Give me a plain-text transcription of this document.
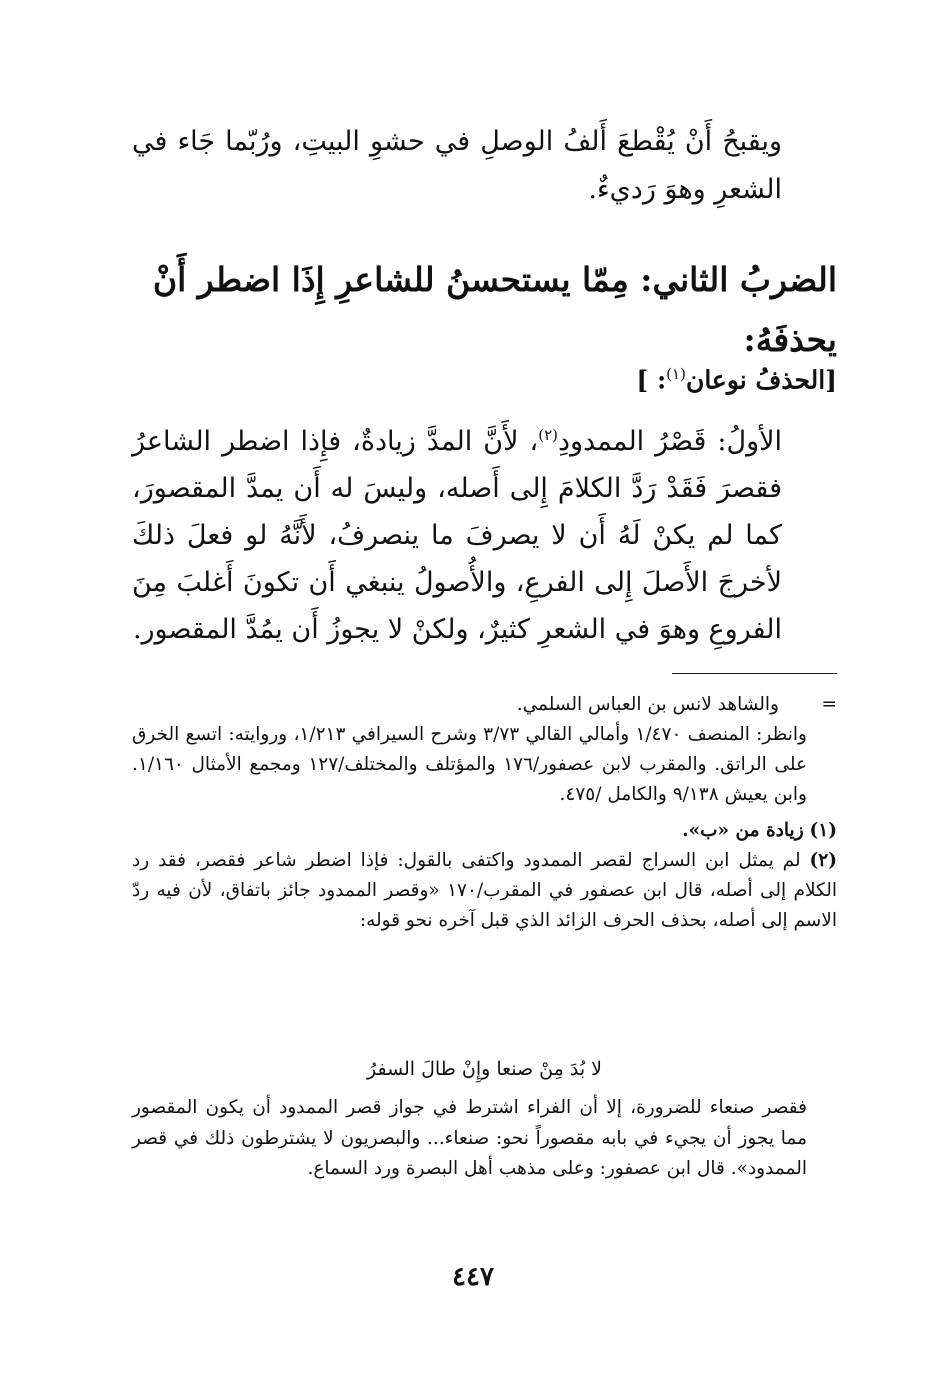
ويقبحُ أَنْ يُقْطعَ أَلفُ الوصلِ في حشوِ البيتِ، ورُبّما جَاء في الشعرِ وهوَ رَديءٌ.
الضربُ الثاني: مِمّا يستحسنُ للشاعرِ إِذَا اضطر أَنْ يحذفَهُ:
[الحذفُ نوعان$^{(١)}$: ]

الأولُ: قَصْرُ الممدودِ$^{(٢)}$، لأَنَّ المدَّ زيادةٌ، فإِذا اضطر الشاعرُ فقصرَ فَقَدْ رَدَّ الكلامَ إِلى أَصله، وليسَ له أَن يمدَّ المقصورَ، كما لم يكنْ لَهُ أَن لا يصرفَ ما ينصرفُ، لأَنَّهُ لو فعلَ ذلكَ لأخرجَ الأَصلَ إِلى الفرعِ، والأُصولُ ينبغي أَن تكونَ أَغلبَ مِنَ الفروعِ وهوَ في الشعرِ كثيرٌ، ولكنْ لا يجوزُ أَن يمُدَّ المقصور.

=والشاهد لانس بن العباس السلمي.

وانظر: المنصف ١/٤٧٠ وأمالي القالي ٣/٧٣ وشرح السيرافي ١/٢١٣، وروايته: اتسع الخرق على الراتق. والمقرب لابن عصفور/١٧٦ والمؤتلف والمختلف/١٢٧ ومجمع الأمثال ١/١٦٠. وابن يعيش ٩/١٣٨ والكامل /٤٧٥.

(١) زيادة من «ب».

(٢) لم يمثل ابن السراج لقصر الممدود واكتفى بالقول: فإذا اضطر شاعر فقصر، فقد رد الكلام إلى أصله، قال ابن عصفور في المقرب/١٧٠ «وقصر الممدود جائز باتفاق، لأن فيه ردّ الاسم إلى أصله، بحذف الحرف الزائد الذي قبل آخره نحو قوله:

لا بُدَ مِنْ صنعا وإِنْ طالَ السفرُ

فقصر صنعاء للضرورة، إلا أن الفراء اشترط في جواز قصر الممدود أن يكون المقصور مما يجوز أن يجيء في بابه مقصوراً نحو: صنعاء... والبصريون لا يشترطون ذلك في قصر الممدود». قال ابن عصفور: وعلى مذهب أهل البصرة ورد السماع.

٤٤٧
